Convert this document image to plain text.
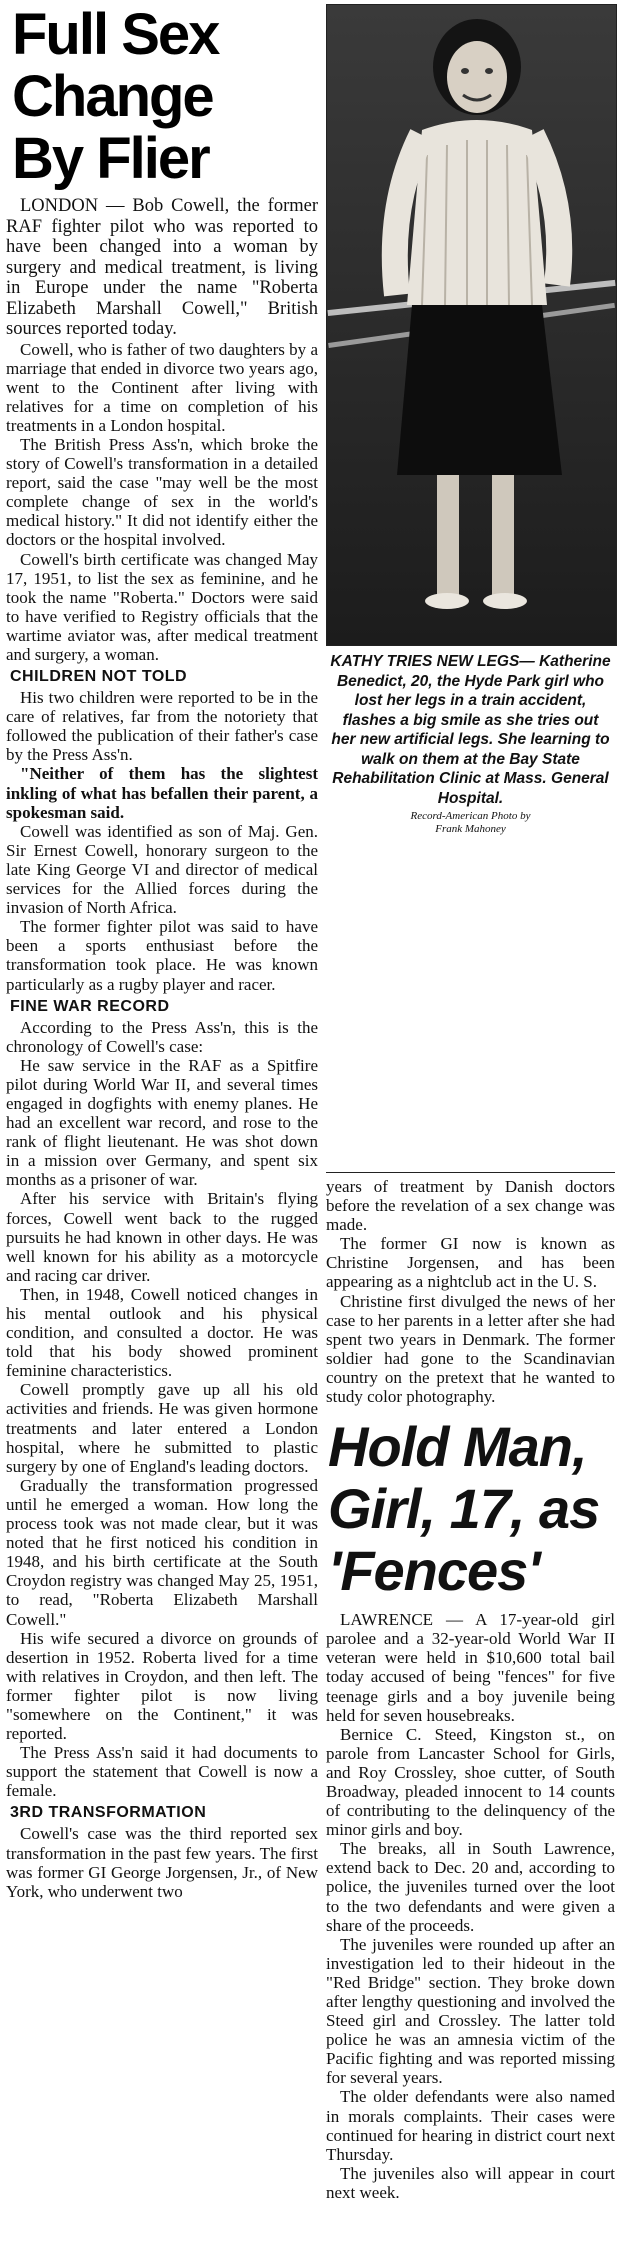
Full Sex
Change
By Flier

LONDON — Bob Cowell, the former RAF fighter pilot who was reported to have been changed into a woman by surgery and medical treatment, is living in Europe under the name "Roberta Elizabeth Marshall Cowell," British sources reported today.

Cowell, who is father of two daughters by a marriage that ended in divorce two years ago, went to the Continent after living with relatives for a time on completion of his treatments in a London hospital.

The British Press Ass'n, which broke the story of Cowell's transformation in a detailed report, said the case "may well be the most complete change of sex in the world's medical history." It did not identify either the doctors or the hospital involved.

Cowell's birth certificate was changed May 17, 1951, to list the sex as feminine, and he took the name "Roberta." Doctors were said to have verified to Registry officials that the wartime aviator was, after medical treatment and surgery, a woman.

CHILDREN NOT TOLD

His two children were reported to be in the care of relatives, far from the notoriety that followed the publication of their father's case by the Press Ass'n.

"Neither of them has the slightest inkling of what has befallen their parent, a spokesman said.

Cowell was identified as son of Maj. Gen. Sir Ernest Cowell, honorary surgeon to the late King George VI and director of medical services for the Allied forces during the invasion of North Africa.

The former fighter pilot was said to have been a sports enthusiast before the transformation took place. He was known particularly as a rugby player and racer.

FINE WAR RECORD

According to the Press Ass'n, this is the chronology of Cowell's case:

He saw service in the RAF as a Spitfire pilot during World War II, and several times engaged in dogfights with enemy planes. He had an excellent war record, and rose to the rank of flight lieutenant. He was shot down in a mission over Germany, and spent six months as a prisoner of war.

After his service with Britain's flying forces, Cowell went back to the rugged pursuits he had known in other days. He was well known for his ability as a motorcycle and racing car driver.

Then, in 1948, Cowell noticed changes in his mental outlook and his physical condition, and consulted a doctor. He was told that his body showed prominent feminine characteristics.

Cowell promptly gave up all his old activities and friends. He was given hormone treatments and later entered a London hospital, where he submitted to plastic surgery by one of England's leading doctors.

Gradually the transformation progressed until he emerged a woman. How long the process took was not made clear, but it was noted that he first noticed his condition in 1948, and his birth certificate at the South Croydon registry was changed May 25, 1951, to read, "Roberta Elizabeth Marshall Cowell."

His wife secured a divorce on grounds of desertion in 1952. Roberta lived for a time with relatives in Croydon, and then left. The former fighter pilot is now living "somewhere on the Continent," it was reported.

The Press Ass'n said it had documents to support the statement that Cowell is now a female.

3RD TRANSFORMATION

Cowell's case was the third reported sex transformation in the past few years. The first was former GI George Jorgensen, Jr., of New York, who underwent two

KATHY TRIES NEW LEGS— Katherine Benedict, 20, the Hyde Park girl who lost her legs in a train accident, flashes a big smile as she tries out her new artificial legs. She learning to walk on them at the Bay State Rehabilitation Clinic at Mass. General Hospital.
Record-American Photo by
Frank Mahoney

years of treatment by Danish doctors before the revelation of a sex change was made.

The former GI now is known as Christine Jorgensen, and has been appearing as a nightclub act in the U. S.

Christine first divulged the news of her case to her parents in a letter after she had spent two years in Denmark. The former soldier had gone to the Scandinavian country on the pretext that he wanted to study color photography.

Hold Man,
Girl, 17, as
'Fences'

LAWRENCE — A 17-year-old girl parolee and a 32-year-old World War II veteran were held in $10,600 total bail today accused of being "fences" for five teenage girls and a boy juvenile being held for seven housebreaks.

Bernice C. Steed, Kingston st., on parole from Lancaster School for Girls, and Roy Crossley, shoe cutter, of South Broadway, pleaded innocent to 14 counts of contributing to the delinquency of the minor girls and boy.

The breaks, all in South Lawrence, extend back to Dec. 20 and, according to police, the juveniles turned over the loot to the two defendants and were given a share of the proceeds.

The juveniles were rounded up after an investigation led to their hideout in the "Red Bridge" section. They broke down after lengthy questioning and involved the Steed girl and Crossley. The latter told police he was an amnesia victim of the Pacific fighting and was reported missing for several years.

The older defendants were also named in morals complaints. Their cases were continued for hearing in district court next Thursday.

The juveniles also will appear in court next week.
